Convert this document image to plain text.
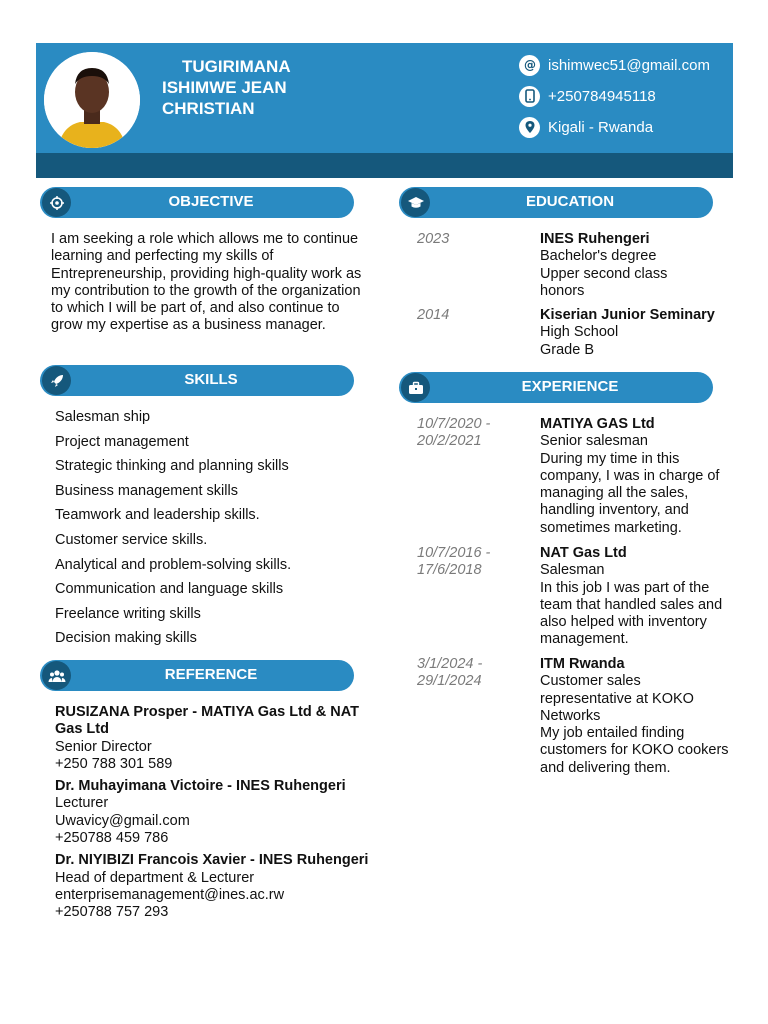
TUGIRIMANA
ISHIMWE JEAN
CHRISTIAN
@ ishimwec51@gmail.com
+250784945118
Kigali - Rwanda
OBJECTIVE
I am seeking a role which allows me to continue learning and perfecting my skills of Entrepreneurship, providing high-quality work as my contribution to the growth of the organization to which I will be part of, and also continue to grow my expertise as a business manager.
SKILLS
Salesman ship
Project management
Strategic thinking and planning skills
Business management skills
Teamwork and leadership skills.
Customer service skills.
Analytical and problem-solving skills.
Communication and language skills
Freelance writing skills
Decision making skills
REFERENCE
RUSIZANA Prosper - MATIYA Gas Ltd & NAT Gas Ltd
Senior Director
+250 788 301 589
Dr. Muhayimana Victoire - INES Ruhengeri
Lecturer
Uwavicy@gmail.com
+250788 459 786
Dr. NIYIBIZI Francois Xavier - INES Ruhengeri
Head of department & Lecturer
enterprisemanagement@ines.ac.rw
+250788 757 293
EDUCATION
2023	INES Ruhengeri
Bachelor's degree
Upper second class
honors
2014	Kiserian Junior Seminary
High School
Grade B
EXPERIENCE
10/7/2020 -
20/2/2021
MATIYA GAS Ltd
Senior salesman
During my time in this company, I was in charge of managing all the sales, handling inventory, and sometimes marketing.
10/7/2016 -
17/6/2018
NAT Gas Ltd
Salesman
In this job I was part of the team that handled sales and also helped with inventory management.
3/1/2024 -
29/1/2024
ITM Rwanda
Customer sales representative at KOKO Networks
My job entailed finding customers for KOKO cookers and delivering them.
